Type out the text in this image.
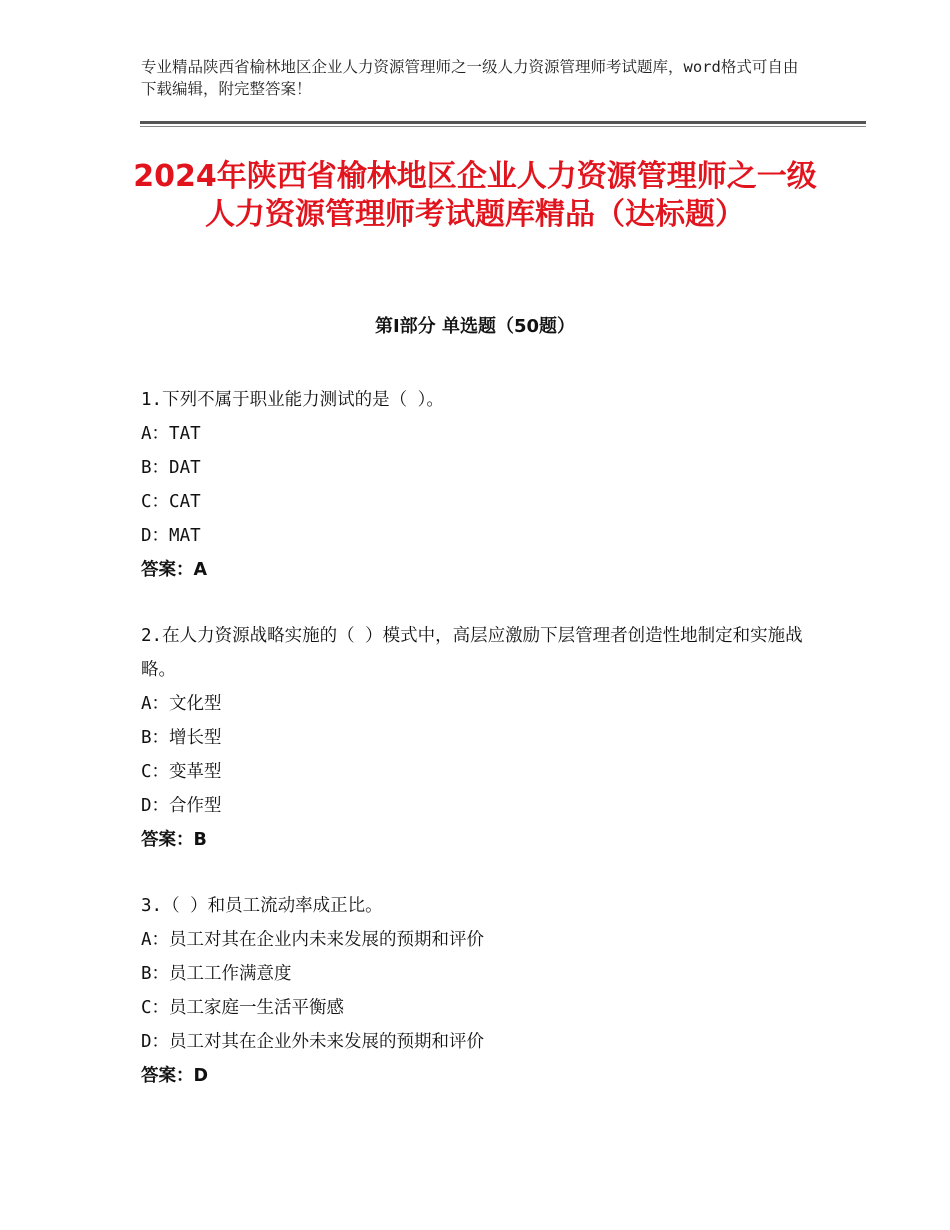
专业精品陕西省榆林地区企业人力资源管理师之一级人力资源管理师考试题库，word格式可自由下载编辑，附完整答案！
2024年陕西省榆林地区企业人力资源管理师之一级人力资源管理师考试题库精品（达标题）
第Ⅰ部分 单选题（50题）
1.下列不属于职业能力测试的是（ ）。
A：TAT
B：DAT
C：CAT
D：MAT
答案：A
2.在人力资源战略实施的（ ）模式中，高层应激励下层管理者创造性地制定和实施战略。
A：文化型
B：增长型
C：变革型
D：合作型
答案：B
3.（ ）和员工流动率成正比。
A：员工对其在企业内未来发展的预期和评价
B：员工工作满意度
C：员工家庭一生活平衡感
D：员工对其在企业外未来发展的预期和评价
答案：D
